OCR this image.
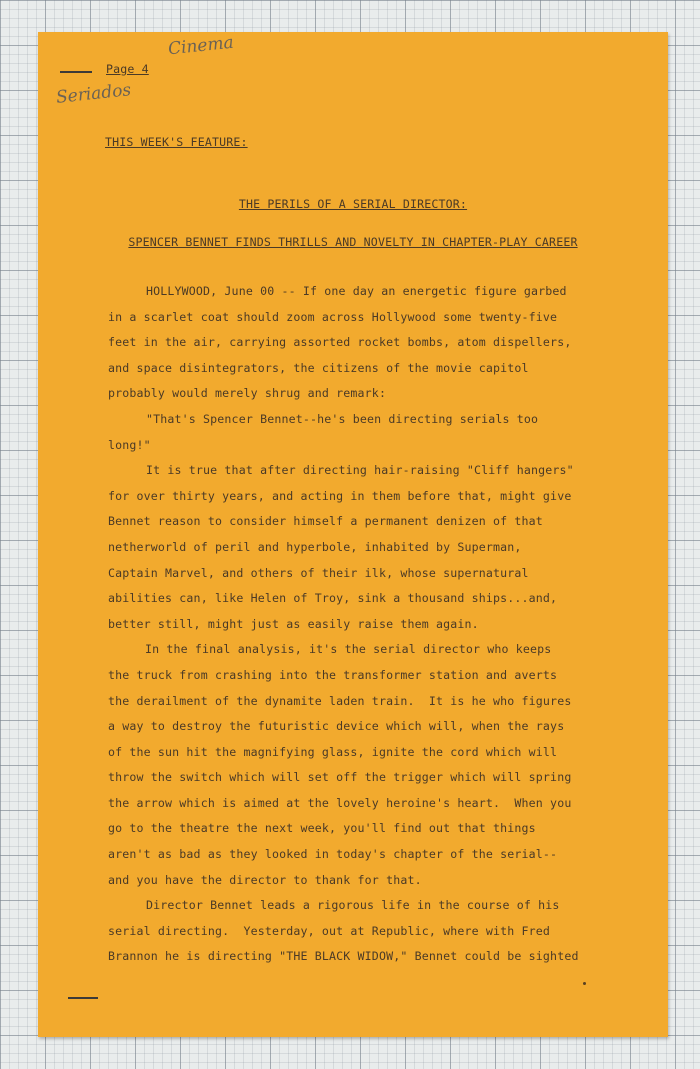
Cinema
Seriados
Page 4
THIS WEEK'S FEATURE:
THE PERILS OF A SERIAL DIRECTOR:
SPENCER BENNET FINDS THRILLS AND NOVELTY IN CHAPTER-PLAY CAREER
HOLLYWOOD, June 00 -- If one day an energetic figure garbed
in a scarlet coat should zoom across Hollywood some twenty-five
feet in the air, carrying assorted rocket bombs, atom dispellers,
and space disintegrators, the citizens of the movie capitol
probably would merely shrug and remark:
"That's Spencer Bennet--he's been directing serials too
long!"
It is true that after directing hair-raising "Cliff hangers"
for over thirty years, and acting in them before that, might give
Bennet reason to consider himself a permanent denizen of that
netherworld of peril and hyperbole, inhabited by Superman,
Captain Marvel, and others of their ilk, whose supernatural
abilities can, like Helen of Troy, sink a thousand ships...and,
better still, might just as easily raise them again.
In the final analysis, it's the serial director who keeps
the truck from crashing into the transformer station and averts
the derailment of the dynamite laden train.  It is he who figures
a way to destroy the futuristic device which will, when the rays
of the sun hit the magnifying glass, ignite the cord which will
throw the switch which will set off the trigger which will spring
the arrow which is aimed at the lovely heroine's heart.  When you
go to the theatre the next week, you'll find out that things
aren't as bad as they looked in today's chapter of the serial--
and you have the director to thank for that.
Director Bennet leads a rigorous life in the course of his
serial directing.  Yesterday, out at Republic, where with Fred
Brannon he is directing "THE BLACK WIDOW," Bennet could be sighted
